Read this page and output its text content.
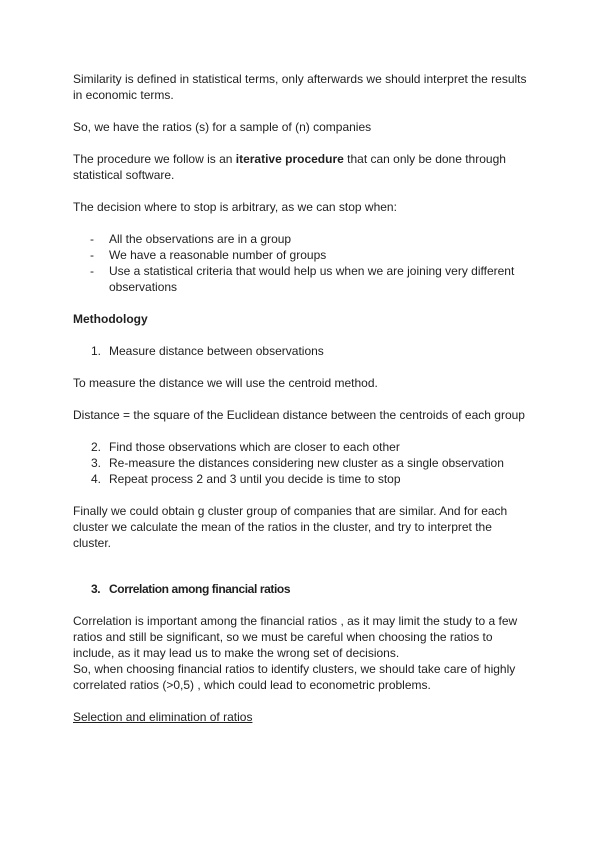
Similarity is defined in statistical terms, only afterwards we should interpret the results in economic terms.

So, we have the ratios (s) for a sample of (n) companies

The procedure we follow is an iterative procedure that can only be done through statistical software.

The decision where to stop is arbitrary, as we can stop when:

- All the observations are in a group
- We have a reasonable number of groups
- Use a statistical criteria that would help us when we are joining very different observations

Methodology

1. Measure distance between observations

To measure the distance we will use the centroid method.

Distance = the square of the Euclidean distance between the centroids of each group

2. Find those observations which are closer to each other
3. Re-measure the distances considering new cluster as a single observation
4. Repeat process 2 and 3 until you decide is time to stop

Finally we could obtain g cluster group of companies that are similar. And for each cluster we calculate the mean of the ratios in the cluster, and try to interpret the cluster.

3. Correlation among financial ratios

Correlation is important among the financial ratios , as it may limit the study to a few ratios and still be significant, so we must be careful when choosing the ratios to include, as it may lead us to make the wrong set of decisions.

So, when choosing financial ratios to identify clusters, we should take care of highly correlated ratios (>0,5) , which could lead to econometric problems.

Selection and elimination of ratios
